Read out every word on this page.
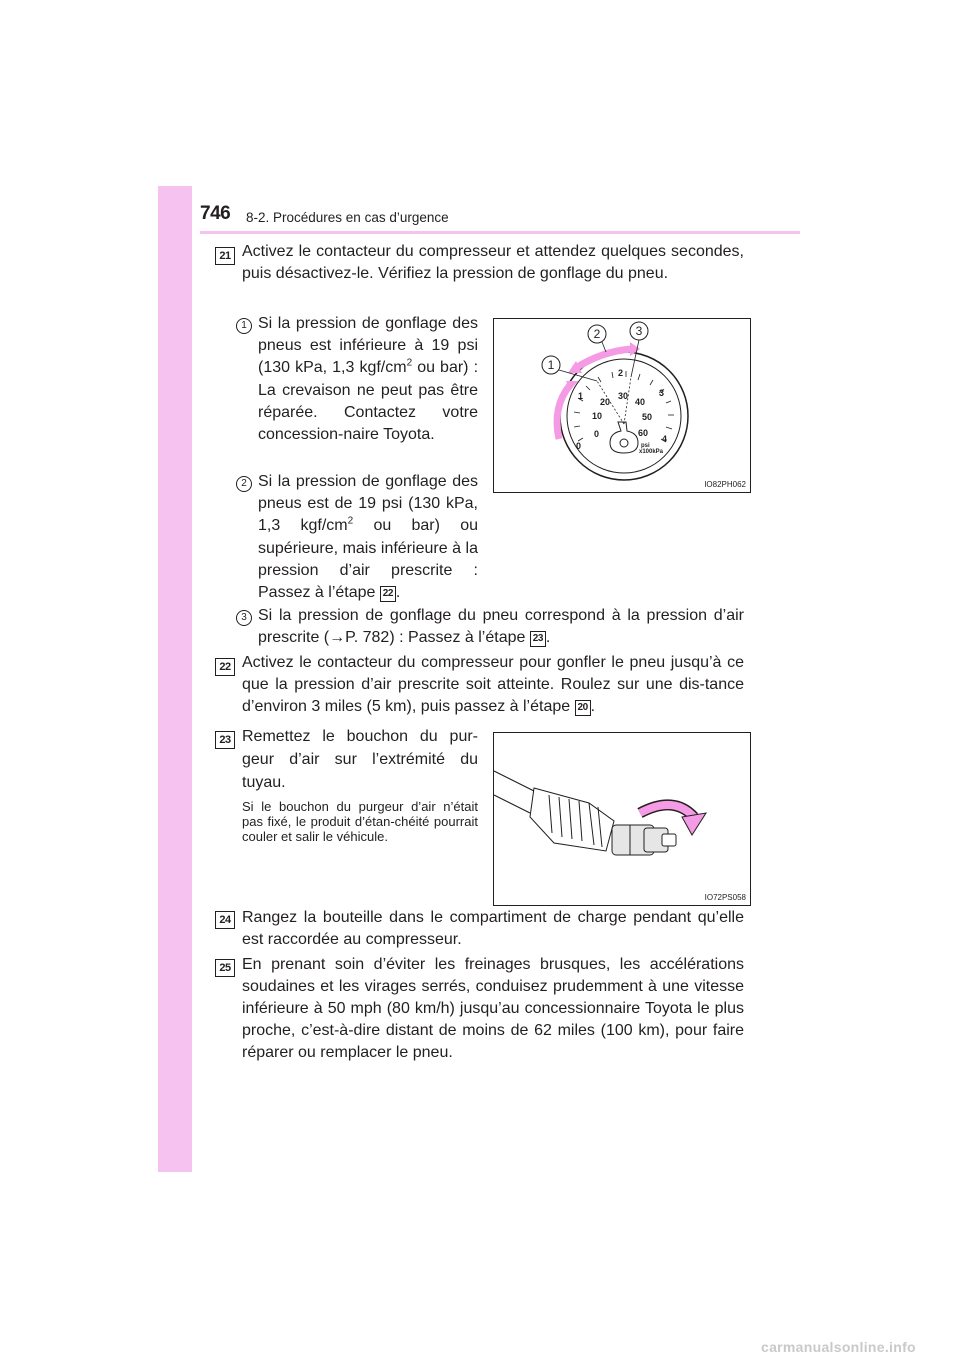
746 8-2. Procédures en cas d’urgence
21 Activez le contacteur du compresseur et attendez quelques secondes, puis désactivez-le. Vérifiez la pression de gonflage du pneu.
1 Si la pression de gonflage des pneus est inférieure à 19 psi (130 kPa, 1,3 kgf/$cm^2$ ou bar) : La crevaison ne peut pas être réparée. Contactez votre concession-naire Toyota.
2 Si la pression de gonflage des pneus est de 19 psi (130 kPa, 1,3 kgf/$cm^2$ ou bar) ou supérieure, mais inférieure à la pression d’air prescrite : Passez à l’étape 22 .
3 Si la pression de gonflage du pneu correspond à la pression d’air prescrite (→P. 782) : Passez à l’étape 23 .
22 Activez le contacteur du compresseur pour gonfler le pneu jusqu’à ce que la pression d’air prescrite soit atteinte. Roulez sur une dis-tance d’environ 3 miles (5 km), puis passez à l’étape 20 .
23 Remettez le bouchon du pur-geur d’air sur l’extrémité du tuyau.
Si le bouchon du purgeur d’air n’était pas fixé, le produit d’étan-chéité pourrait couler et salir le véhicule.
24 Rangez la bouteille dans le compartiment de charge pendant qu’elle est raccordée au compresseur.
25 En prenant soin d’éviter les freinages brusques, les accélérations soudaines et les virages serrés, conduisez prudemment à une vitesse inférieure à 50 mph (80 km/h) jusqu’au concessionnaire Toyota le plus proche, c’est-à-dire distant de moins de 62 miles (100 km), pour faire réparer ou remplacer le pneu.
0
1
2
3
4
0
10
20
30
40
50
60
psi
x100kPa
1
2	3
IO82PH062
IO72PS058
carmanualsonline.info
